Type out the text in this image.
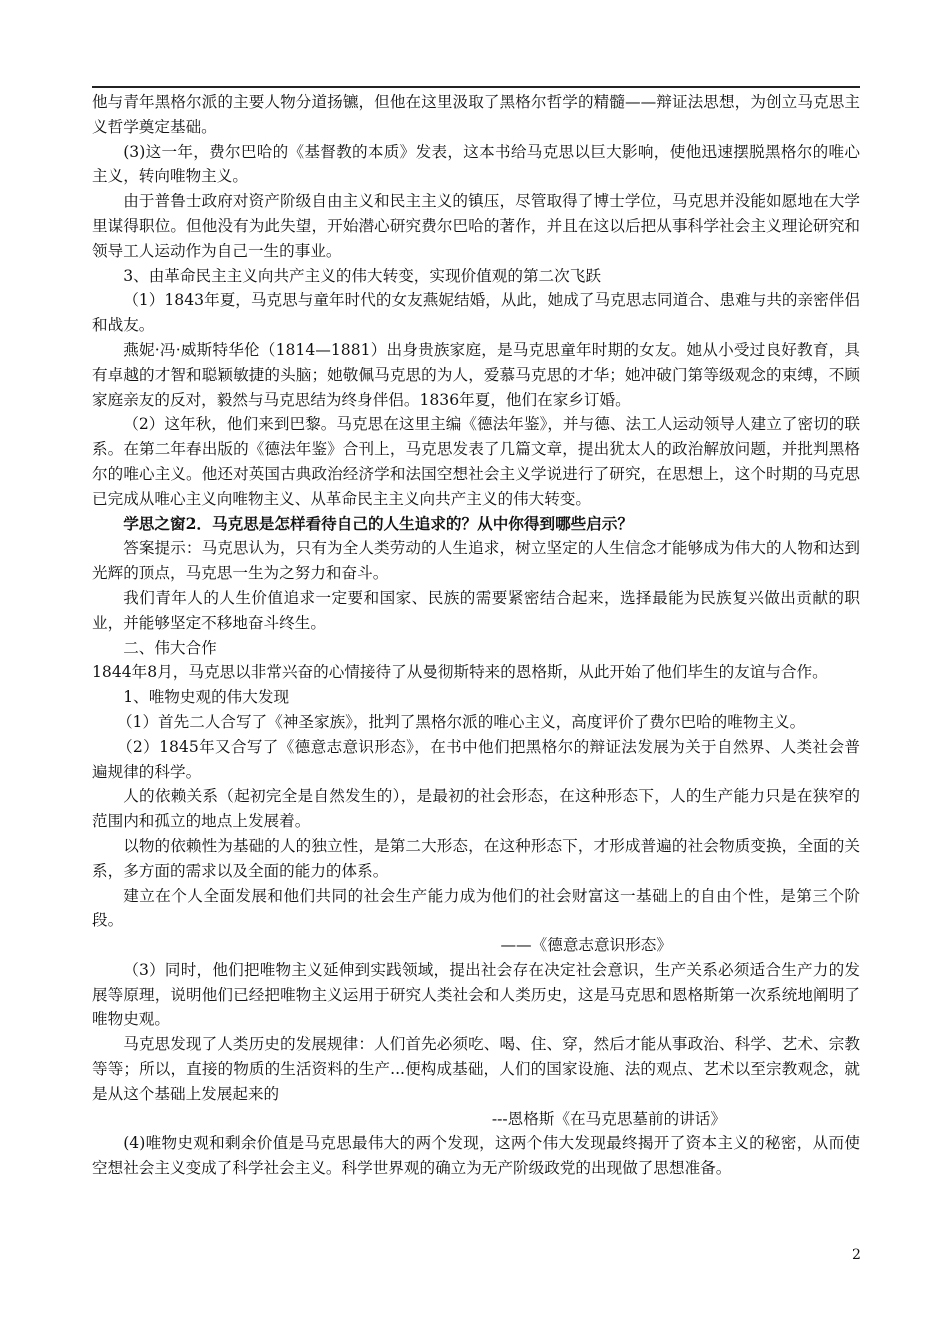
他与青年黑格尔派的主要人物分道扬镳，但他在这里汲取了黑格尔哲学的精髓——辩证法思想，为创立马克思主义哲学奠定基础。

(3)这一年，费尔巴哈的《基督教的本质》发表，这本书给马克思以巨大影响，使他迅速摆脱黑格尔的唯心主义，转向唯物主义。

由于普鲁士政府对资产阶级自由主义和民主主义的镇压，尽管取得了博士学位，马克思并没能如愿地在大学里谋得职位。但他没有为此失望，开始潜心研究费尔巴哈的著作，并且在这以后把从事科学社会主义理论研究和领导工人运动作为自己一生的事业。

3、由革命民主主义向共产主义的伟大转变，实现价值观的第二次飞跃

（1）1843年夏，马克思与童年时代的女友燕妮结婚，从此，她成了马克思志同道合、患难与共的亲密伴侣和战友。

燕妮·冯·威斯特华伦（1814—1881）出身贵族家庭，是马克思童年时期的女友。她从小受过良好教育，具有卓越的才智和聪颖敏捷的头脑；她敬佩马克思的为人，爱慕马克思的才华；她冲破门第等级观念的束缚，不顾家庭亲友的反对，毅然与马克思结为终身伴侣。1836年夏，他们在家乡订婚。

（2）这年秋，他们来到巴黎。马克思在这里主编《德法年鉴》，并与德、法工人运动领导人建立了密切的联系。在第二年春出版的《德法年鉴》合刊上，马克思发表了几篇文章，提出犹太人的政治解放问题，并批判黑格尔的唯心主义。他还对英国古典政治经济学和法国空想社会主义学说进行了研究，在思想上，这个时期的马克思已完成从唯心主义向唯物主义、从革命民主主义向共产主义的伟大转变。

学思之窗2．马克思是怎样看待自己的人生追求的？从中你得到哪些启示？

答案提示：马克思认为，只有为全人类劳动的人生追求，树立坚定的人生信念才能够成为伟大的人物和达到光辉的顶点，马克思一生为之努力和奋斗。

我们青年人的人生价值追求一定要和国家、民族的需要紧密结合起来，选择最能为民族复兴做出贡献的职业，并能够坚定不移地奋斗终生。

二、伟大合作

1844年8月，马克思以非常兴奋的心情接待了从曼彻斯特来的恩格斯，从此开始了他们毕生的友谊与合作。

1、唯物史观的伟大发现

（1）首先二人合写了《神圣家族》，批判了黑格尔派的唯心主义，高度评价了费尔巴哈的唯物主义。

（2）1845年又合写了《德意志意识形态》，在书中他们把黑格尔的辩证法发展为关于自然界、人类社会普遍规律的科学。

人的依赖关系（起初完全是自然发生的），是最初的社会形态，在这种形态下，人的生产能力只是在狭窄的范围内和孤立的地点上发展着。

以物的依赖性为基础的人的独立性，是第二大形态，在这种形态下，才形成普遍的社会物质变换，全面的关系，多方面的需求以及全面的能力的体系。

建立在个人全面发展和他们共同的社会生产能力成为他们的社会财富这一基础上的自由个性，是第三个阶段。

——《德意志意识形态》

（3）同时，他们把唯物主义延伸到实践领域，提出社会存在决定社会意识，生产关系必须适合生产力的发展等原理，说明他们已经把唯物主义运用于研究人类社会和人类历史，这是马克思和恩格斯第一次系统地阐明了唯物史观。

马克思发现了人类历史的发展规律：人们首先必须吃、喝、住、穿，然后才能从事政治、科学、艺术、宗教等等；所以，直接的物质的生活资料的生产...便构成基础，人们的国家设施、法的观点、艺术以至宗教观念，就是从这个基础上发展起来的

---恩格斯《在马克思墓前的讲话》

(4)唯物史观和剩余价值是马克思最伟大的两个发现，这两个伟大发现最终揭开了资本主义的秘密，从而使空想社会主义变成了科学社会主义。科学世界观的确立为无产阶级政党的出现做了思想准备。

2
